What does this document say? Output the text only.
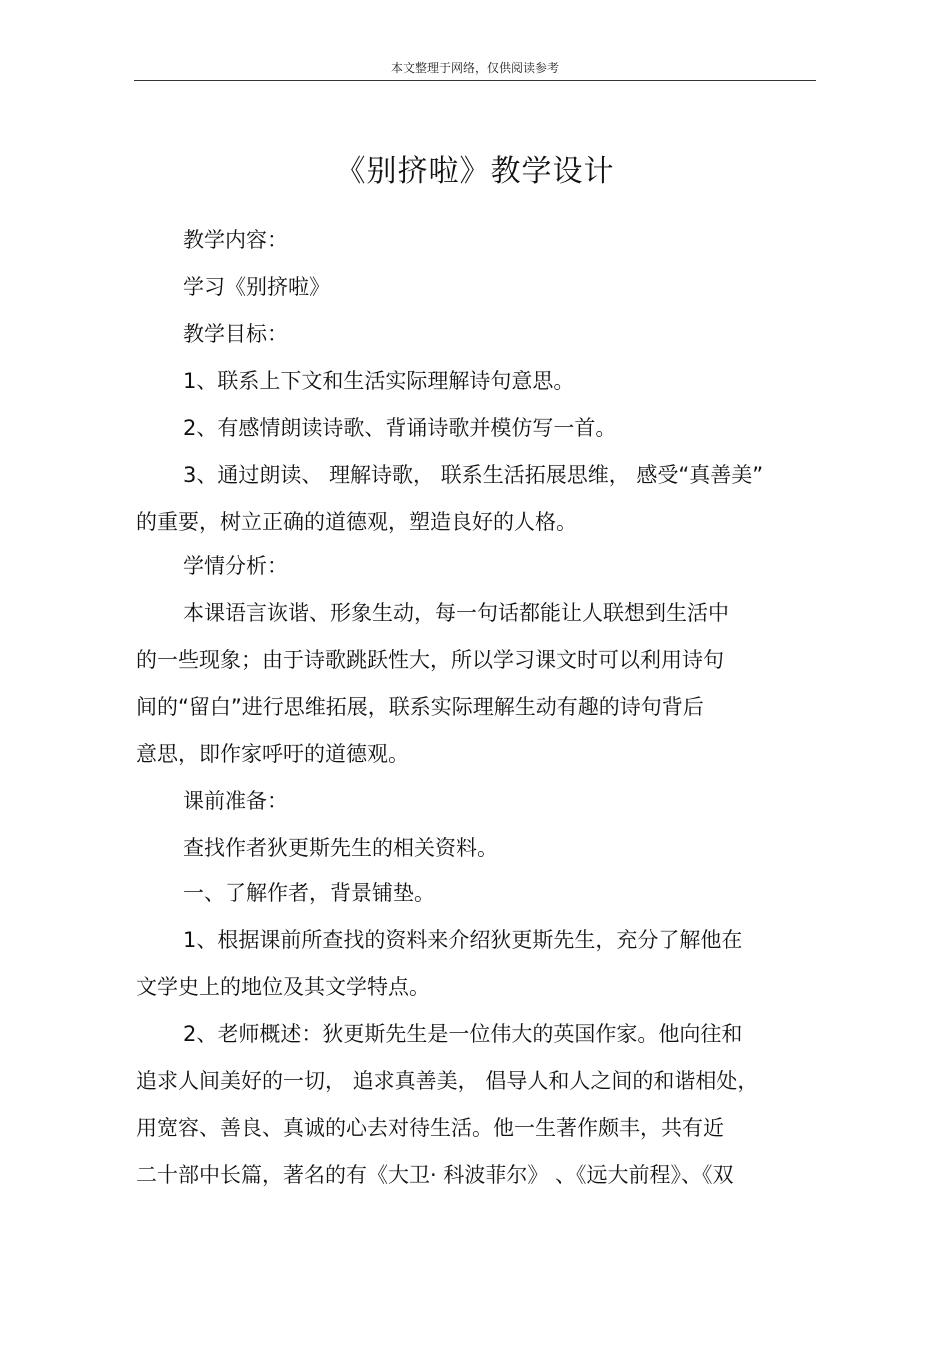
本文整理于网络，仅供阅读参考
《别挤啦》教学设计
教学内容：
学习《别挤啦》
教学目标：
1、联系上下文和生活实际理解诗句意思。
2、有感情朗读诗歌、背诵诗歌并模仿写一首。
3、通过朗读、 理解诗歌， 联系生活拓展思维， 感受“真善美”
的重要，树立正确的道德观，塑造良好的人格。
学情分析：
本课语言诙谐、形象生动，每一句话都能让人联想到生活中
的一些现象；由于诗歌跳跃性大，所以学习课文时可以利用诗句
间的“留白”进行思维拓展，联系实际理解生动有趣的诗句背后
意思，即作家呼吁的道德观。
课前准备：
查找作者狄更斯先生的相关资料。
一、了解作者，背景铺垫。
1、根据课前所查找的资料来介绍狄更斯先生，充分了解他在
文学史上的地位及其文学特点。
2、老师概述：狄更斯先生是一位伟大的英国作家。他向往和
追求人间美好的一切， 追求真善美， 倡导人和人之间的和谐相处，
用宽容、善良、真诚的心去对待生活。他一生著作颇丰，共有近
二十部中长篇，著名的有《大卫· 科波菲尔》 、《远大前程》、《双
